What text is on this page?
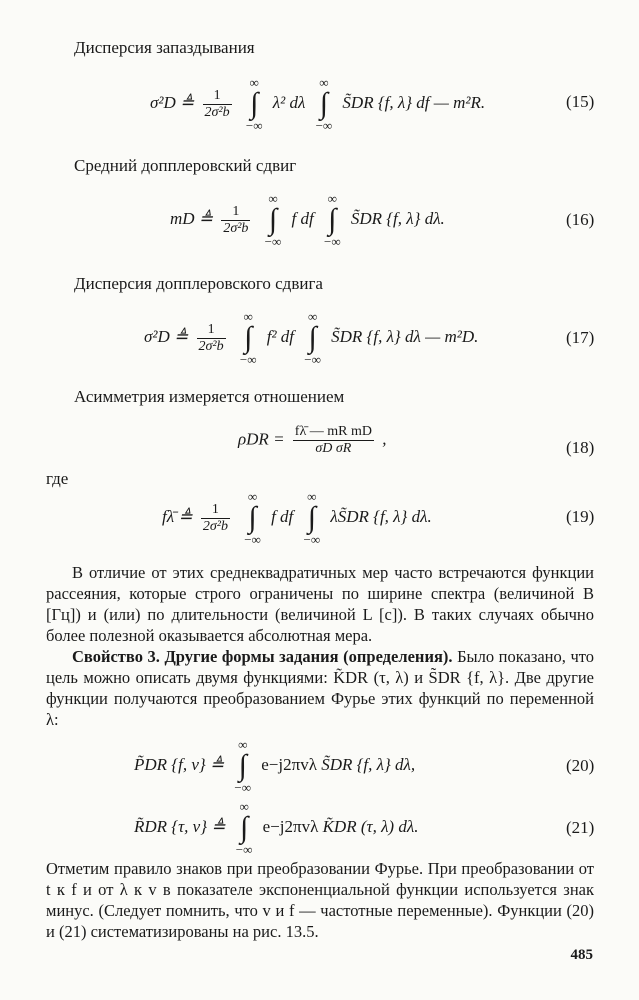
Дисперсия запаздывания
σ²D ≜ $\frac{1}{\text{2σ²b}}$

∞
∫
−∞
λ² dλ
∞
∫
−∞
S̃DR {f, λ} df — m²R.	(15)
Средний допплеровский сдвиг
mD ≜ $\frac{1}{\text{2σ²b}}$

∞
∫
−∞
f df
∞
∫
−∞
S̃DR {f, λ} dλ.	(16)
Дисперсия допплеровского сдвига
σ²D ≜ $\frac{1}{\text{2σ²b}}$

∞
∫
−∞
f² df
∞
∫
−∞
S̃DR {f, λ} dλ — m²D.	(17)
Асимметрия измеряется отношением
$\rho DR = \frac{\text{fλ̄ — mR mD}}{\text{σD σR}}$ ,	(18)
где
fλ̄ ≜ $\frac{1}{\text{2σ²b}}$

∞
∫
−∞
f df
∞
∫
−∞
λS̃DR {f, λ} dλ.	(19)

В отличие от этих среднеквадратичных мер часто встречаются функции рассеяния, которые строго ограничены по ширине спектра (величиной B [Гц]) и (или) по длительности (величиной L [с]). В таких случаях обычно более полезной оказывается абсолютная мера.

Свойство 3. Другие формы задания (определения). Было показано, что цель можно описать двумя функциями: K̃DR (τ, λ) и S̃DR {f, λ}. Две другие функции получаются преобразованием Фурье этих функций по переменной λ:

P̃DR {f, v} ≜
∞
∫
−∞
e−j2πvλ S̃DR {f, λ} dλ,	(20)
R̃DR {τ, v} ≜
∞
∫
−∞
e−j2πvλ K̃DR (τ, λ) dλ.	(21)

Отметим правило знаков при преобразовании Фурье. При преобразовании от t к f и от λ к v в показателе экспоненциальной функции используется знак минус. (Следует помнить, что v и f — частотные переменные). Функции (20) и (21) систематизированы на рис. 13.5.

485
